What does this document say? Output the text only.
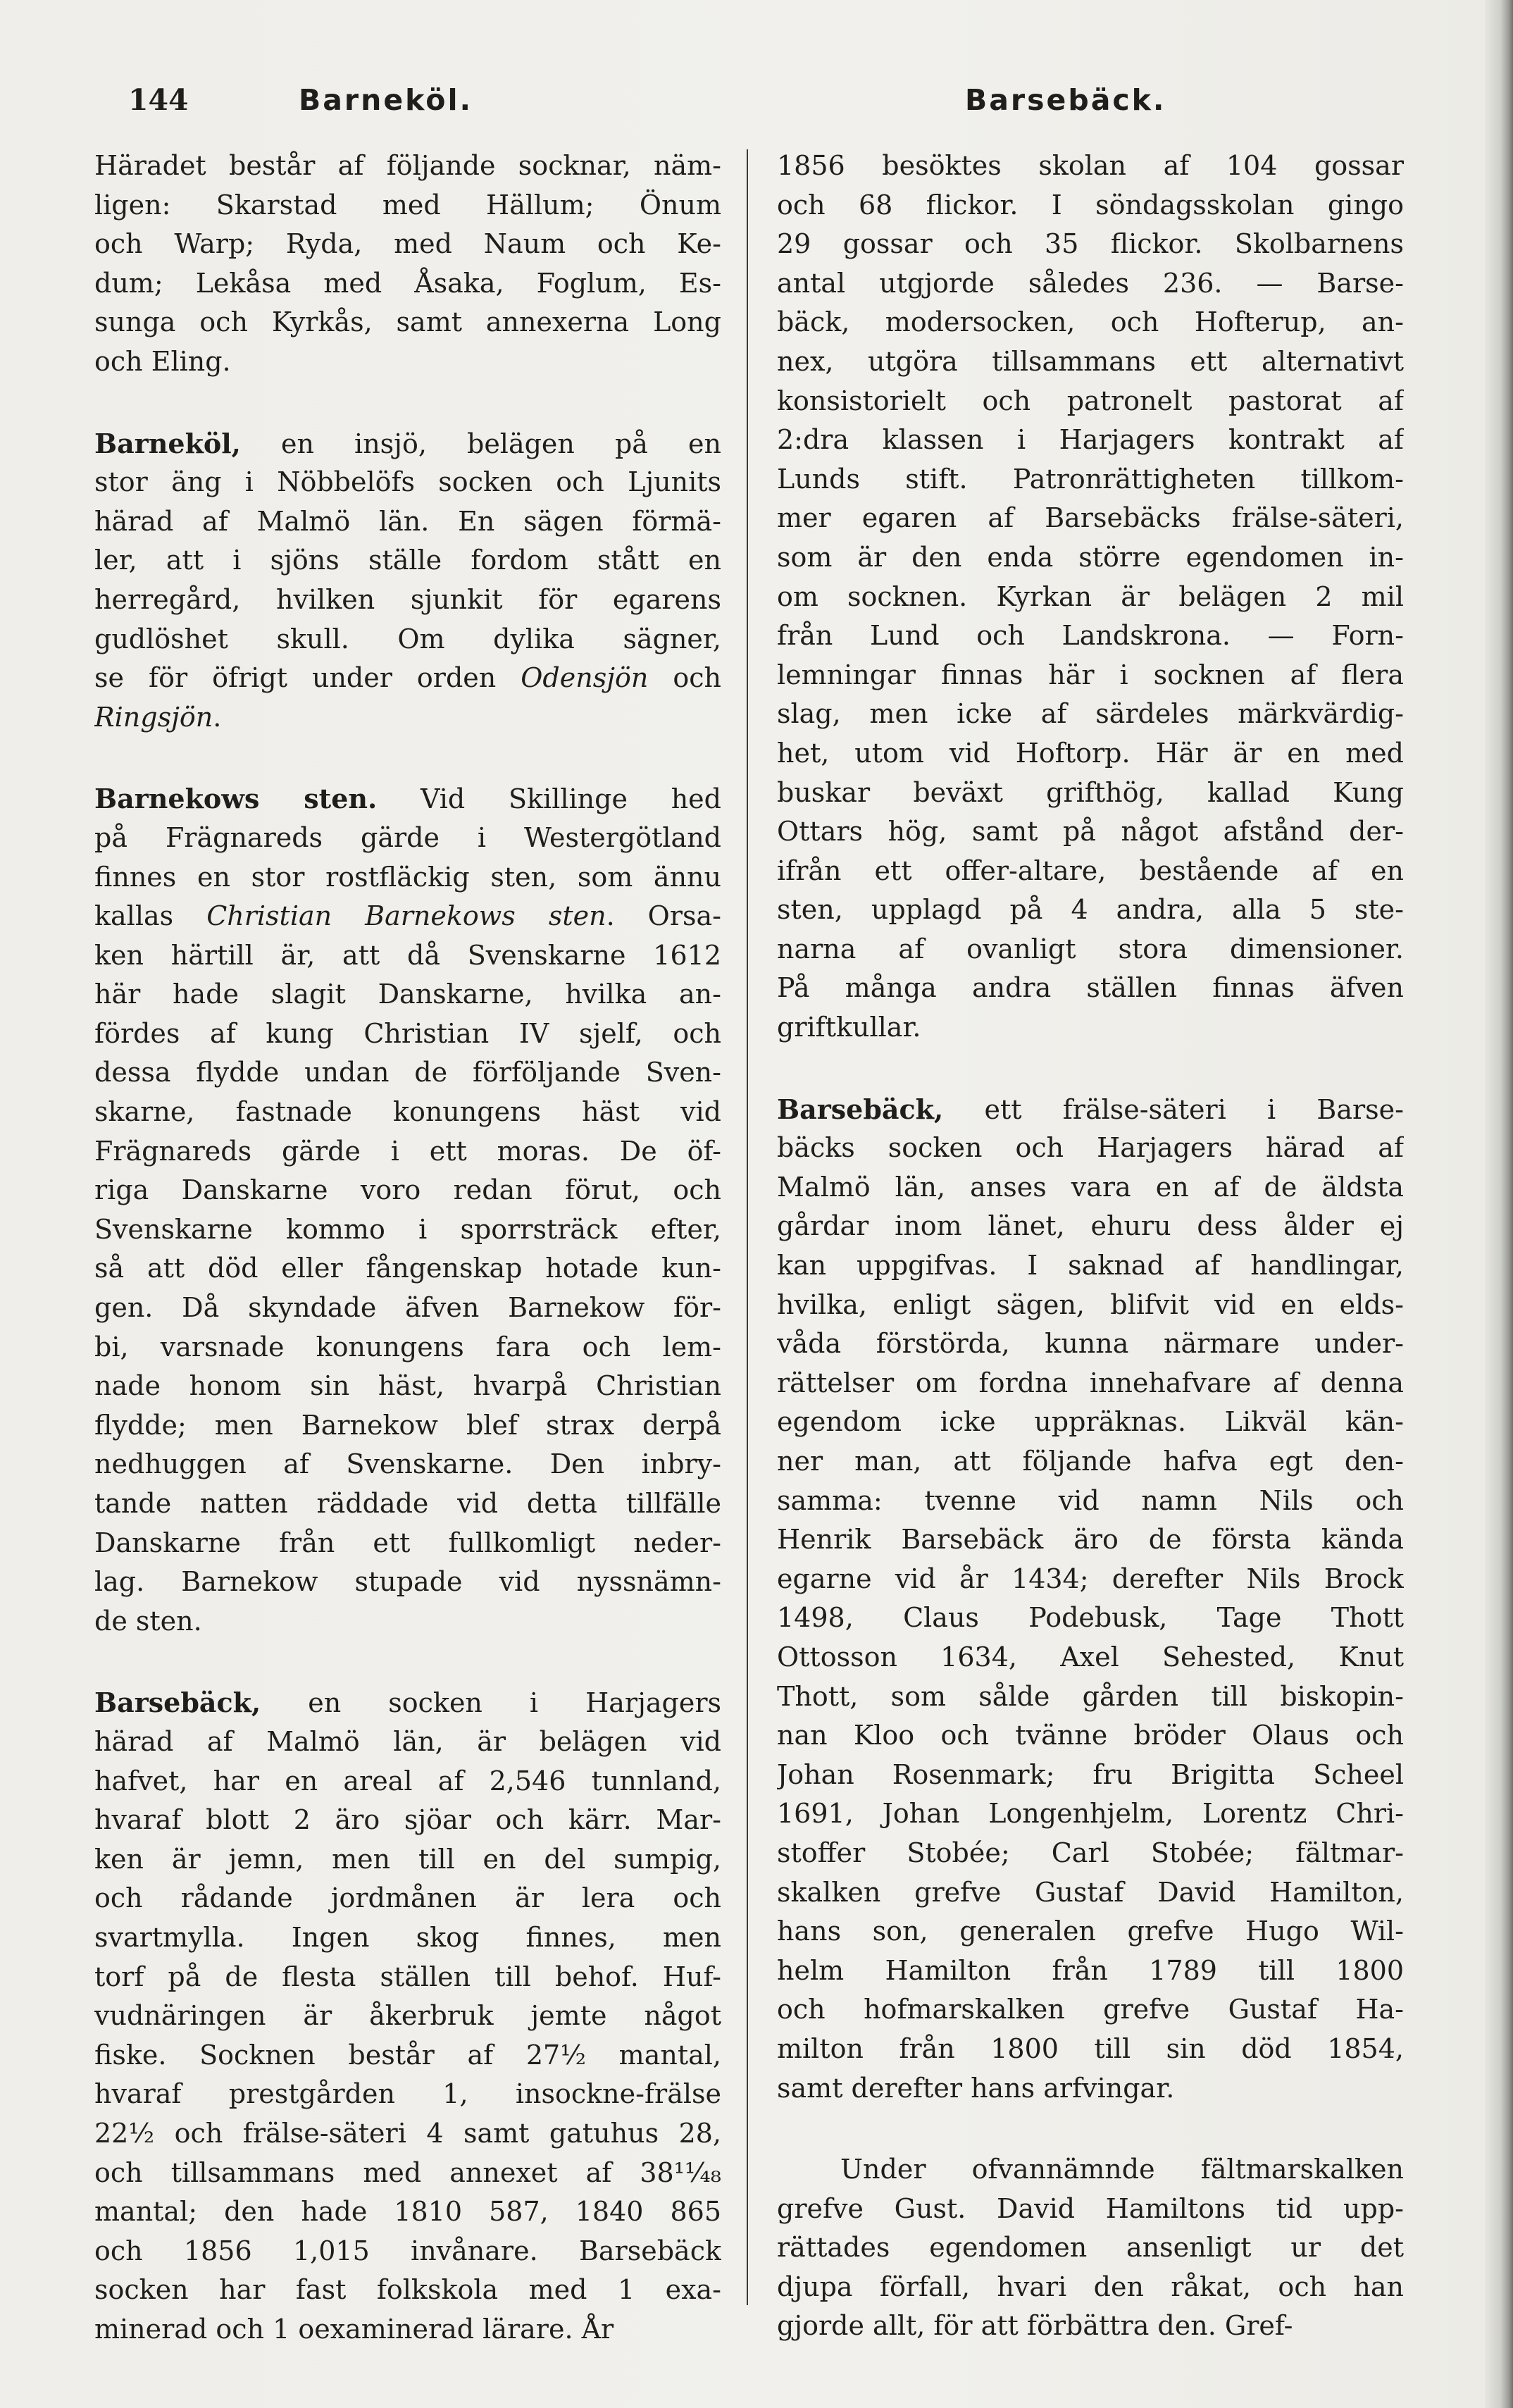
144	Barneköl.	Barsebäck.
Häradet består af följande socknar, näm-
ligen: Skarstad med Hällum; Önum
och Warp; Ryda, med Naum och Ke-
dum; Lekåsa med Åsaka, Foglum, Es-
sunga och Kyrkås, samt annexerna Long
och Eling.
Barneköl, en insjö, belägen på en
stor äng i Nöbbelöfs socken och Ljunits
härad af Malmö län. En sägen förmä-
ler, att i sjöns ställe fordom stått en
herregård, hvilken sjunkit för egarens
gudlöshet skull. Om dylika sägner,
se för öfrigt under orden Odensjön och
Ringsjön.
Barnekows sten. Vid Skillinge hed
på Frägnareds gärde i Westergötland
finnes en stor rostfläckig sten, som ännu
kallas Christian Barnekows sten. Orsa-
ken härtill är, att då Svenskarne 1612
här hade slagit Danskarne, hvilka an-
fördes af kung Christian IV sjelf, och
dessa flydde undan de förföljande Sven-
skarne, fastnade konungens häst vid
Frägnareds gärde i ett moras. De öf-
riga Danskarne voro redan förut, och
Svenskarne kommo i sporrsträck efter,
så att död eller fångenskap hotade kun-
gen. Då skyndade äfven Barnekow för-
bi, varsnade konungens fara och lem-
nade honom sin häst, hvarpå Christian
flydde; men Barnekow blef strax derpå
nedhuggen af Svenskarne. Den inbry-
tande natten räddade vid detta tillfälle
Danskarne från ett fullkomligt neder-
lag. Barnekow stupade vid nyssnämn-
de sten.
Barsebäck, en socken i Harjagers
härad af Malmö län, är belägen vid
hafvet, har en areal af 2,546 tunnland,
hvaraf blott 2 äro sjöar och kärr. Mar-
ken är jemn, men till en del sumpig,
och rådande jordmånen är lera och
svartmylla. Ingen skog finnes, men
torf på de flesta ställen till behof. Huf-
vudnäringen är åkerbruk jemte något
fiske. Socknen består af 27½ mantal,
hvaraf prestgården 1, insockne-frälse
22½ och frälse-säteri 4 samt gatuhus 28,
och tillsammans med annexet af 38¹¹⁄₄₈
mantal; den hade 1810 587, 1840 865
och 1856 1,015 invånare. Barsebäck
socken har fast folkskola med 1 exa-
minerad och 1 oexaminerad lärare. År
1856 besöktes skolan af 104 gossar
och 68 flickor. I söndagsskolan gingo
29 gossar och 35 flickor. Skolbarnens
antal utgjorde således 236. — Barse-
bäck, modersocken, och Hofterup, an-
nex, utgöra tillsammans ett alternativt
konsistorielt och patronelt pastorat af
2:dra klassen i Harjagers kontrakt af
Lunds stift. Patronrättigheten tillkom-
mer egaren af Barsebäcks frälse-säteri,
som är den enda större egendomen in-
om socknen. Kyrkan är belägen 2 mil
från Lund och Landskrona. — Forn-
lemningar finnas här i socknen af flera
slag, men icke af särdeles märkvärdig-
het, utom vid Hoftorp. Här är en med
buskar beväxt grifthög, kallad Kung
Ottars hög, samt på något afstånd der-
ifrån ett offer-altare, bestående af en
sten, upplagd på 4 andra, alla 5 ste-
narna af ovanligt stora dimensioner.
På många andra ställen finnas äfven
griftkullar.
Barsebäck, ett frälse-säteri i Barse-
bäcks socken och Harjagers härad af
Malmö län, anses vara en af de äldsta
gårdar inom länet, ehuru dess ålder ej
kan uppgifvas. I saknad af handlingar,
hvilka, enligt sägen, blifvit vid en elds-
våda förstörda, kunna närmare under-
rättelser om fordna innehafvare af denna
egendom icke uppräknas. Likväl kän-
ner man, att följande hafva egt den-
samma: tvenne vid namn Nils och
Henrik Barsebäck äro de första kända
egarne vid år 1434; derefter Nils Brock
1498, Claus Podebusk, Tage Thott
Ottosson 1634, Axel Sehested, Knut
Thott, som sålde gården till biskopin-
nan Kloo och tvänne bröder Olaus och
Johan Rosenmark; fru Brigitta Scheel
1691, Johan Longenhjelm, Lorentz Chri-
stoffer Stobée; Carl Stobée; fältmar-
skalken grefve Gustaf David Hamilton,
hans son, generalen grefve Hugo Wil-
helm Hamilton från 1789 till 1800
och hofmarskalken grefve Gustaf Ha-
milton från 1800 till sin död 1854,
samt derefter hans arfvingar.
Under ofvannämnde fältmarskalken
grefve Gust. David Hamiltons tid upp-
rättades egendomen ansenligt ur det
djupa förfall, hvari den råkat, och han
gjorde allt, för att förbättra den. Gref-
